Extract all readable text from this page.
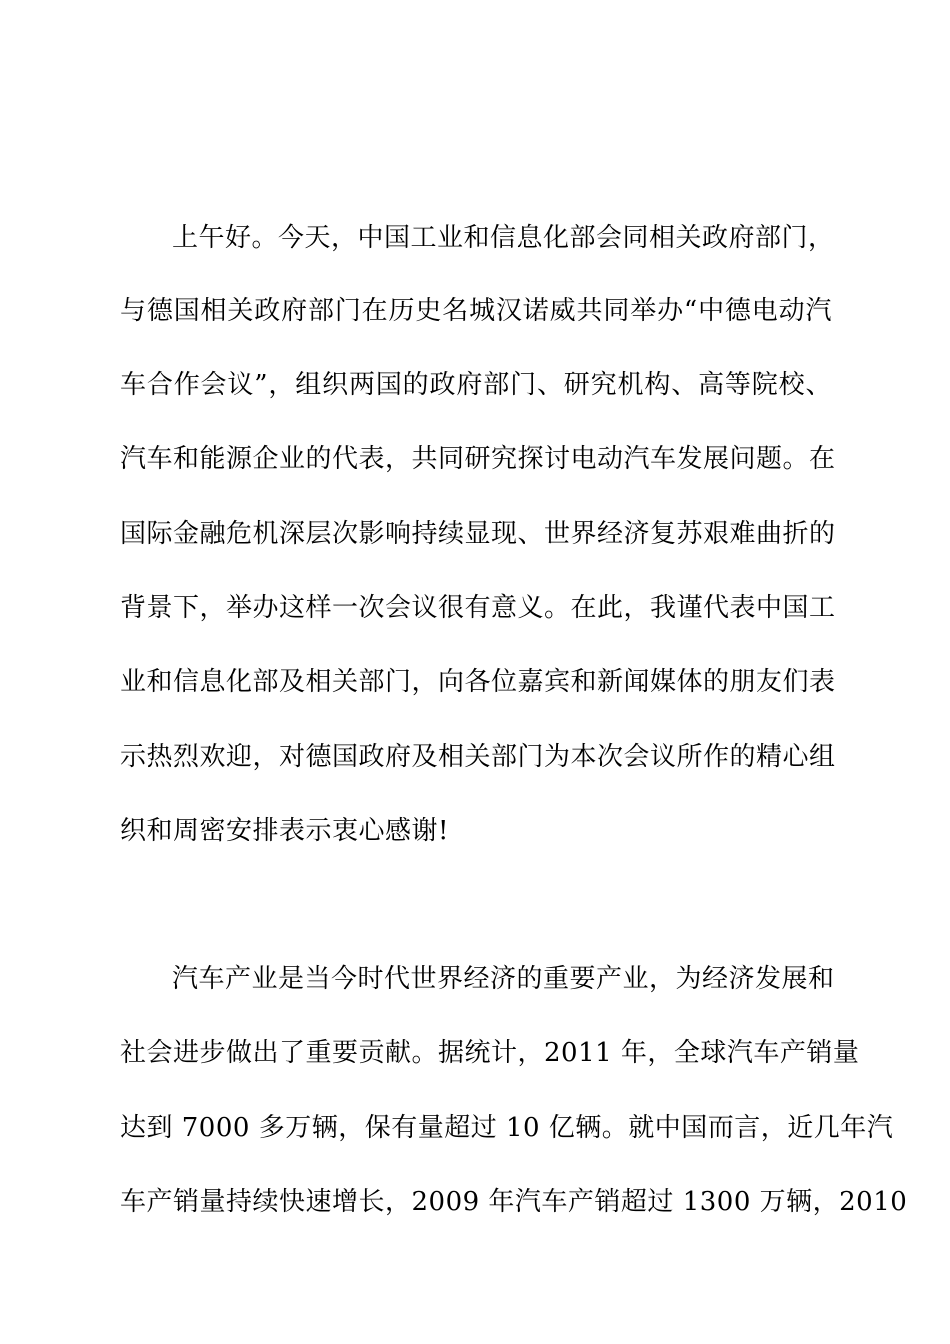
上午好。今天，中国工业和信息化部会同相关政府部门，
与德国相关政府部门在历史名城汉诺威共同举办“中德电动汽
车合作会议”，组织两国的政府部门、研究机构、高等院校、
汽车和能源企业的代表，共同研究探讨电动汽车发展问题。在
国际金融危机深层次影响持续显现、世界经济复苏艰难曲折的
背景下，举办这样一次会议很有意义。在此，我谨代表中国工
业和信息化部及相关部门，向各位嘉宾和新闻媒体的朋友们表
示热烈欢迎，对德国政府及相关部门为本次会议所作的精心组
织和周密安排表示衷心感谢!
汽车产业是当今时代世界经济的重要产业，为经济发展和
社会进步做出了重要贡献。据统计，2011 年，全球汽车产销量
达到 7000 多万辆，保有量超过 10 亿辆。就中国而言，近几年汽
车产销量持续快速增长，2009 年汽车产销超过 1300 万辆，2010
